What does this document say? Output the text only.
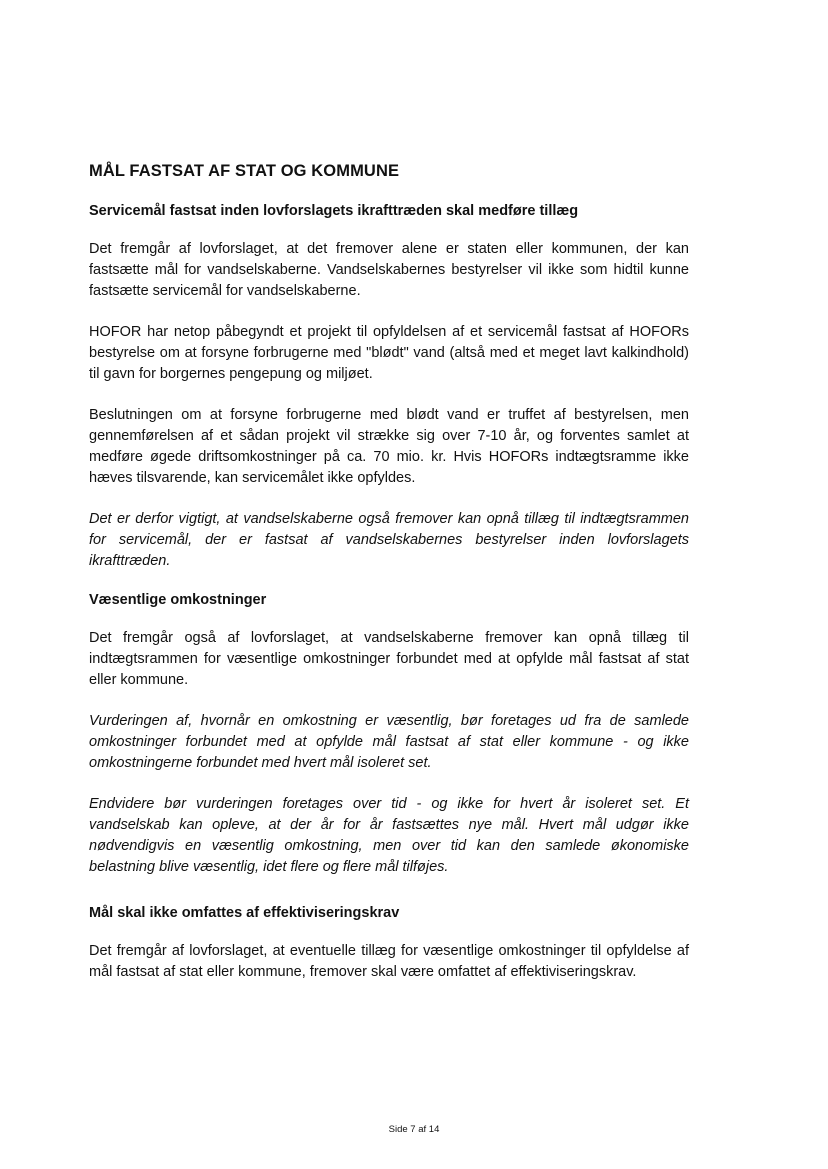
MÅL FASTSAT AF STAT OG KOMMUNE
Servicemål fastsat inden lovforslagets ikrafttræden skal medføre tillæg

Det fremgår af lovforslaget, at det fremover alene er staten eller kommunen, der kan fastsætte mål for vandselskaberne. Vandselskabernes bestyrelser vil ikke som hidtil kunne fastsætte servicemål for vandselskaberne.

HOFOR har netop påbegyndt et projekt til opfyldelsen af et servicemål fastsat af HOFORs bestyrelse om at forsyne forbrugerne med "blødt" vand (altså med et meget lavt kalkindhold) til gavn for borgernes pengepung og miljøet.

Beslutningen om at forsyne forbrugerne med blødt vand er truffet af bestyrelsen, men gennemførelsen af et sådan projekt vil strække sig over 7-10 år, og forventes samlet at medføre øgede driftsomkostninger på ca. 70 mio. kr. Hvis HOFORs indtægtsramme ikke hæves tilsvarende, kan servicemålet ikke opfyldes.

Det er derfor vigtigt, at vandselskaberne også fremover kan opnå tillæg til indtægtsrammen for servicemål, der er fastsat af vandselskabernes bestyrelser inden lovforslagets ikrafttræden.

Væsentlige omkostninger

Det fremgår også af lovforslaget, at vandselskaberne fremover kan opnå tillæg til indtægtsrammen for væsentlige omkostninger forbundet med at opfylde mål fastsat af stat eller kommune.

Vurderingen af, hvornår en omkostning er væsentlig, bør foretages ud fra de samlede omkostninger forbundet med at opfylde mål fastsat af stat eller kommune - og ikke omkostningerne forbundet med hvert mål isoleret set.

Endvidere bør vurderingen foretages over tid - og ikke for hvert år isoleret set. Et vandselskab kan opleve, at der år for år fastsættes nye mål. Hvert mål udgør ikke nødvendigvis en væsentlig omkostning, men over tid kan den samlede økonomiske belastning blive væsentlig, idet flere og flere mål tilføjes.

Mål skal ikke omfattes af effektiviseringskrav

Det fremgår af lovforslaget, at eventuelle tillæg for væsentlige omkostninger til opfyldelse af mål fastsat af stat eller kommune, fremover skal være omfattet af effektiviseringskrav.

Side 7 af 14
